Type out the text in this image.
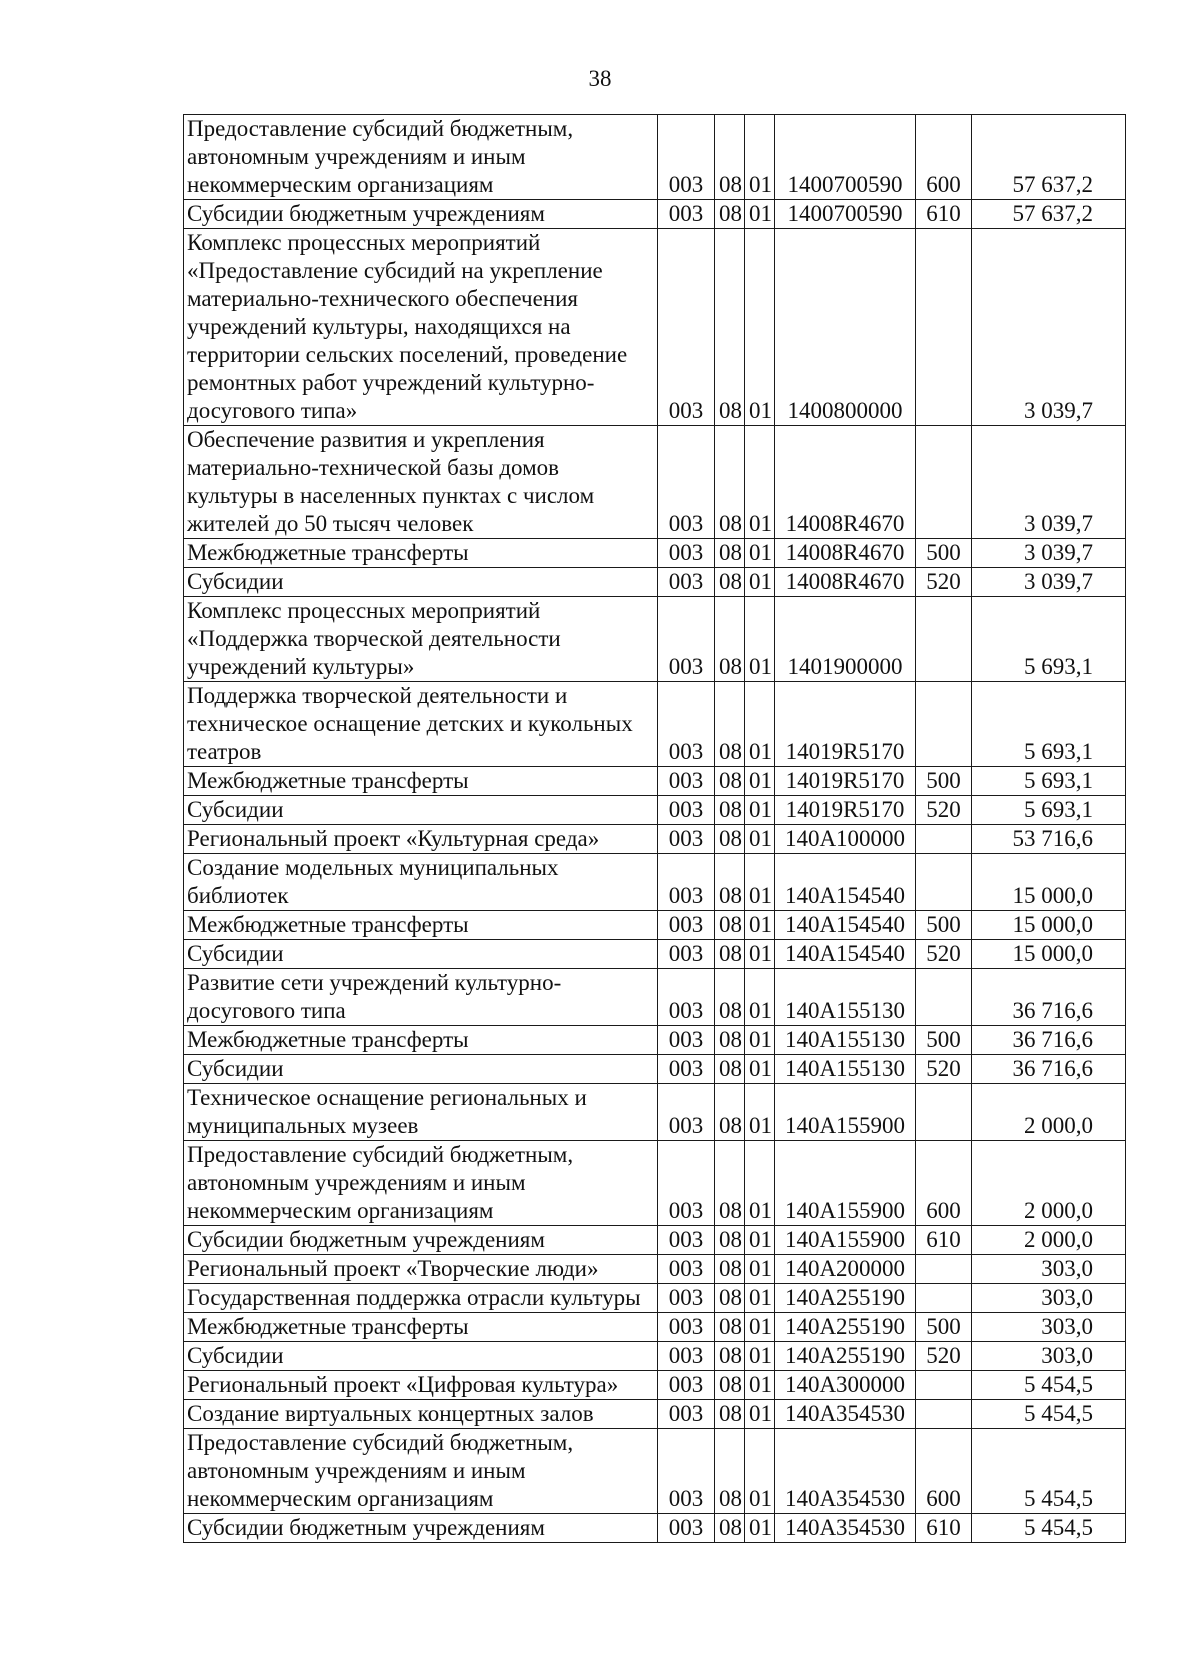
38
Предоставление субсидий бюджетным, автономным учреждениям и иным некоммерческим организациям	003	08	01	1400700590	600	57 637,2
Субсидии бюджетным учреждениям	003	08	01	1400700590	610	57 637,2
Комплекс процессных мероприятий «Предоставление субсидий на укрепление материально-технического обеспечения учреждений культуры, находящихся на территории сельских поселений, проведение ремонтных работ учреждений культурно-досугового типа»	003	08	01	1400800000		3 039,7
Обеспечение развития и укрепления материально-технической базы домов культуры в населенных пунктах с числом жителей до 50 тысяч человек	003	08	01	14008R4670		3 039,7
Межбюджетные трансферты	003	08	01	14008R4670	500	3 039,7
Субсидии	003	08	01	14008R4670	520	3 039,7
Комплекс процессных мероприятий «Поддержка творческой деятельности учреждений культуры»	003	08	01	1401900000		5 693,1
Поддержка творческой деятельности и техническое оснащение детских и кукольных театров	003	08	01	14019R5170		5 693,1
Межбюджетные трансферты	003	08	01	14019R5170	500	5 693,1
Субсидии	003	08	01	14019R5170	520	5 693,1
Региональный проект «Культурная среда»	003	08	01	140A100000		53 716,6
Создание модельных муниципальных библиотек	003	08	01	140A154540		15 000,0
Межбюджетные трансферты	003	08	01	140A154540	500	15 000,0
Субсидии	003	08	01	140A154540	520	15 000,0
Развитие сети учреждений культурно-досугового типа	003	08	01	140A155130		36 716,6
Межбюджетные трансферты	003	08	01	140A155130	500	36 716,6
Субсидии	003	08	01	140A155130	520	36 716,6
Техническое оснащение региональных и муниципальных музеев	003	08	01	140A155900		2 000,0
Предоставление субсидий бюджетным, автономным учреждениям и иным некоммерческим организациям	003	08	01	140A155900	600	2 000,0
Субсидии бюджетным учреждениям	003	08	01	140A155900	610	2 000,0
Региональный проект «Творческие люди»	003	08	01	140A200000		303,0
Государственная поддержка отрасли культуры	003	08	01	140A255190		303,0
Межбюджетные трансферты	003	08	01	140A255190	500	303,0
Субсидии	003	08	01	140A255190	520	303,0
Региональный проект «Цифровая культура»	003	08	01	140A300000		5 454,5
Создание виртуальных концертных залов	003	08	01	140A354530		5 454,5
Предоставление субсидий бюджетным, автономным учреждениям и иным некоммерческим организациям	003	08	01	140A354530	600	5 454,5
Субсидии бюджетным учреждениям	003	08	01	140A354530	610	5 454,5
